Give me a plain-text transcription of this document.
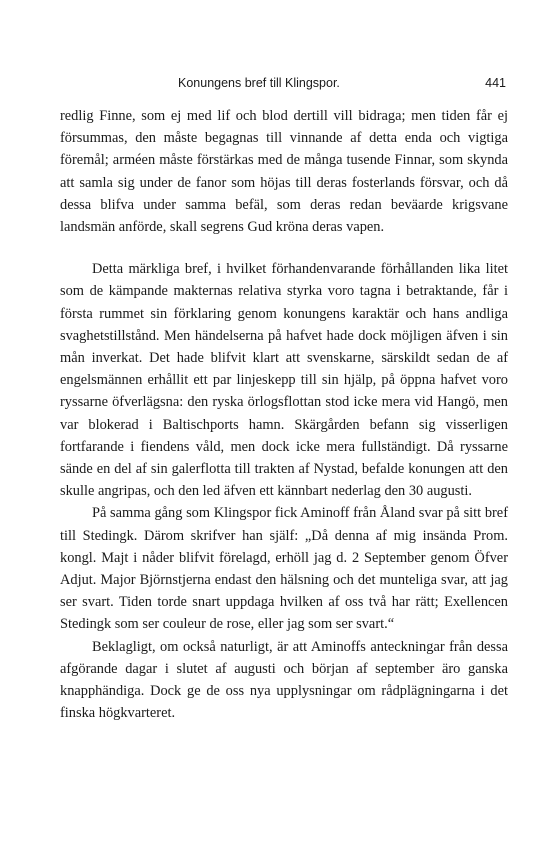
Konungens bref till Klingspor.	441

redlig Finne, som ej med lif och blod dertill vill bidraga; men tiden får ej försummas, den måste begagnas till vinnande af detta enda och vigtiga föremål; arméen måste förstärkas med de många tusende Finnar, som skynda att samla sig under de fanor som höjas till deras fosterlands försvar, och då dessa blifva under samma befäl, som deras redan beväarde krigsvane landsmän anförde, skall segrens Gud kröna deras vapen.

Detta märkliga bref, i hvilket förhandenvarande förhållanden lika litet som de kämpande makternas relativa styrka voro tagna i betraktande, får i första rummet sin förklaring genom konungens karaktär och hans andliga svaghetstillstånd. Men händelserna på hafvet hade dock möjligen äfven i sin mån inverkat. Det hade blifvit klart att svenskarne, särskildt sedan de af engelsmännen erhållit ett par linjeskepp till sin hjälp, på öppna hafvet voro ryssarne öfverlägsna: den ryska örlogsflottan stod icke mera vid Hangö, men var blokerad i Baltischports hamn. Skärgården befann sig visserligen fortfarande i fiendens våld, men dock icke mera fullständigt. Då ryssarne sände en del af sin galerflotta till trakten af Nystad, befalde konungen att den skulle angripas, och den led äfven ett kännbart nederlag den 30 augusti.

På samma gång som Klingspor fick Aminoff från Åland svar på sitt bref till Stedingk. Därom skrifver han själf: „Då denna af mig insända Prom. kongl. Majt i nåder blifvit förelagd, erhöll jag d. 2 September genom Öfver Adjut. Major Björnstjerna endast den hälsning och det munteliga svar, att jag ser svart. Tiden torde snart uppdaga hvilken af oss två har rätt; Exellencen Stedingk som ser couleur de rose, eller jag som ser svart.“

Beklagligt, om också naturligt, är att Aminoffs anteckningar från dessa afgörande dagar i slutet af augusti och början af september äro ganska knapphändiga. Dock ge de oss nya upplysningar om rådplägningarna i det finska högkvarteret.
